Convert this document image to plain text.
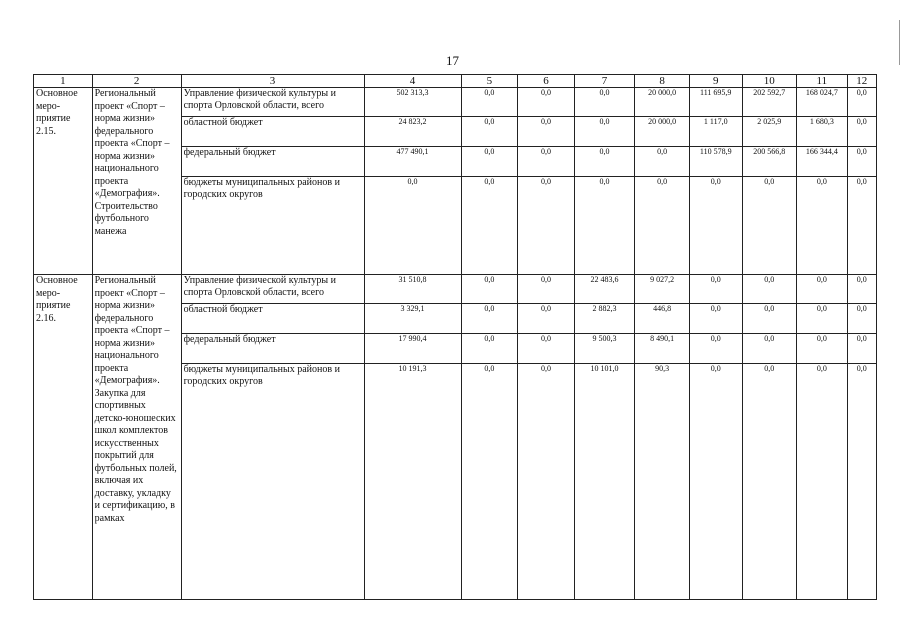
17
1	2	3	4	5	6	7	8	9	10	11	12
Основное меро-приятие 2.15.	Региональный проект «Спорт – норма жизни» федерального проекта «Спорт – норма жизни» национального проекта «Демография». Строительство футбольного манежа	Управление физической культуры и спорта Орловской области, всего	502 313,3	0,0	0,0	0,0	20 000,0	111 695,9	202 592,7	168 024,7	0,0
		областной бюджет	24 823,2	0,0	0,0	0,0	20 000,0	1 117,0	2 025,9	1 680,3	0,0
		федеральный бюджет	477 490,1	0,0	0,0	0,0	0,0	110 578,9	200 566,8	166 344,4	0,0
		бюджеты муниципальных районов и городских округов	0,0	0,0	0,0	0,0	0,0	0,0	0,0	0,0	0,0
Основное меро-приятие 2.16.	Региональный проект «Спорт – норма жизни» федерального проекта «Спорт – норма жизни» национального проекта «Демография». Закупка для спортивных детско-юношеских школ комплектов искусственных покрытий для футбольных полей, включая их доставку, укладку и сертификацию, в рамках	Управление физической культуры и спорта Орловской области, всего	31 510,8	0,0	0,0	22 483,6	9 027,2	0,0	0,0	0,0	0,0
		областной бюджет	3 329,1	0,0	0,0	2 882,3	446,8	0,0	0,0	0,0	0,0
		федеральный бюджет	17 990,4	0,0	0,0	9 500,3	8 490,1	0,0	0,0	0,0	0,0
		бюджеты муниципальных районов и городских округов	10 191,3	0,0	0,0	10 101,0	90,3	0,0	0,0	0,0	0,0
